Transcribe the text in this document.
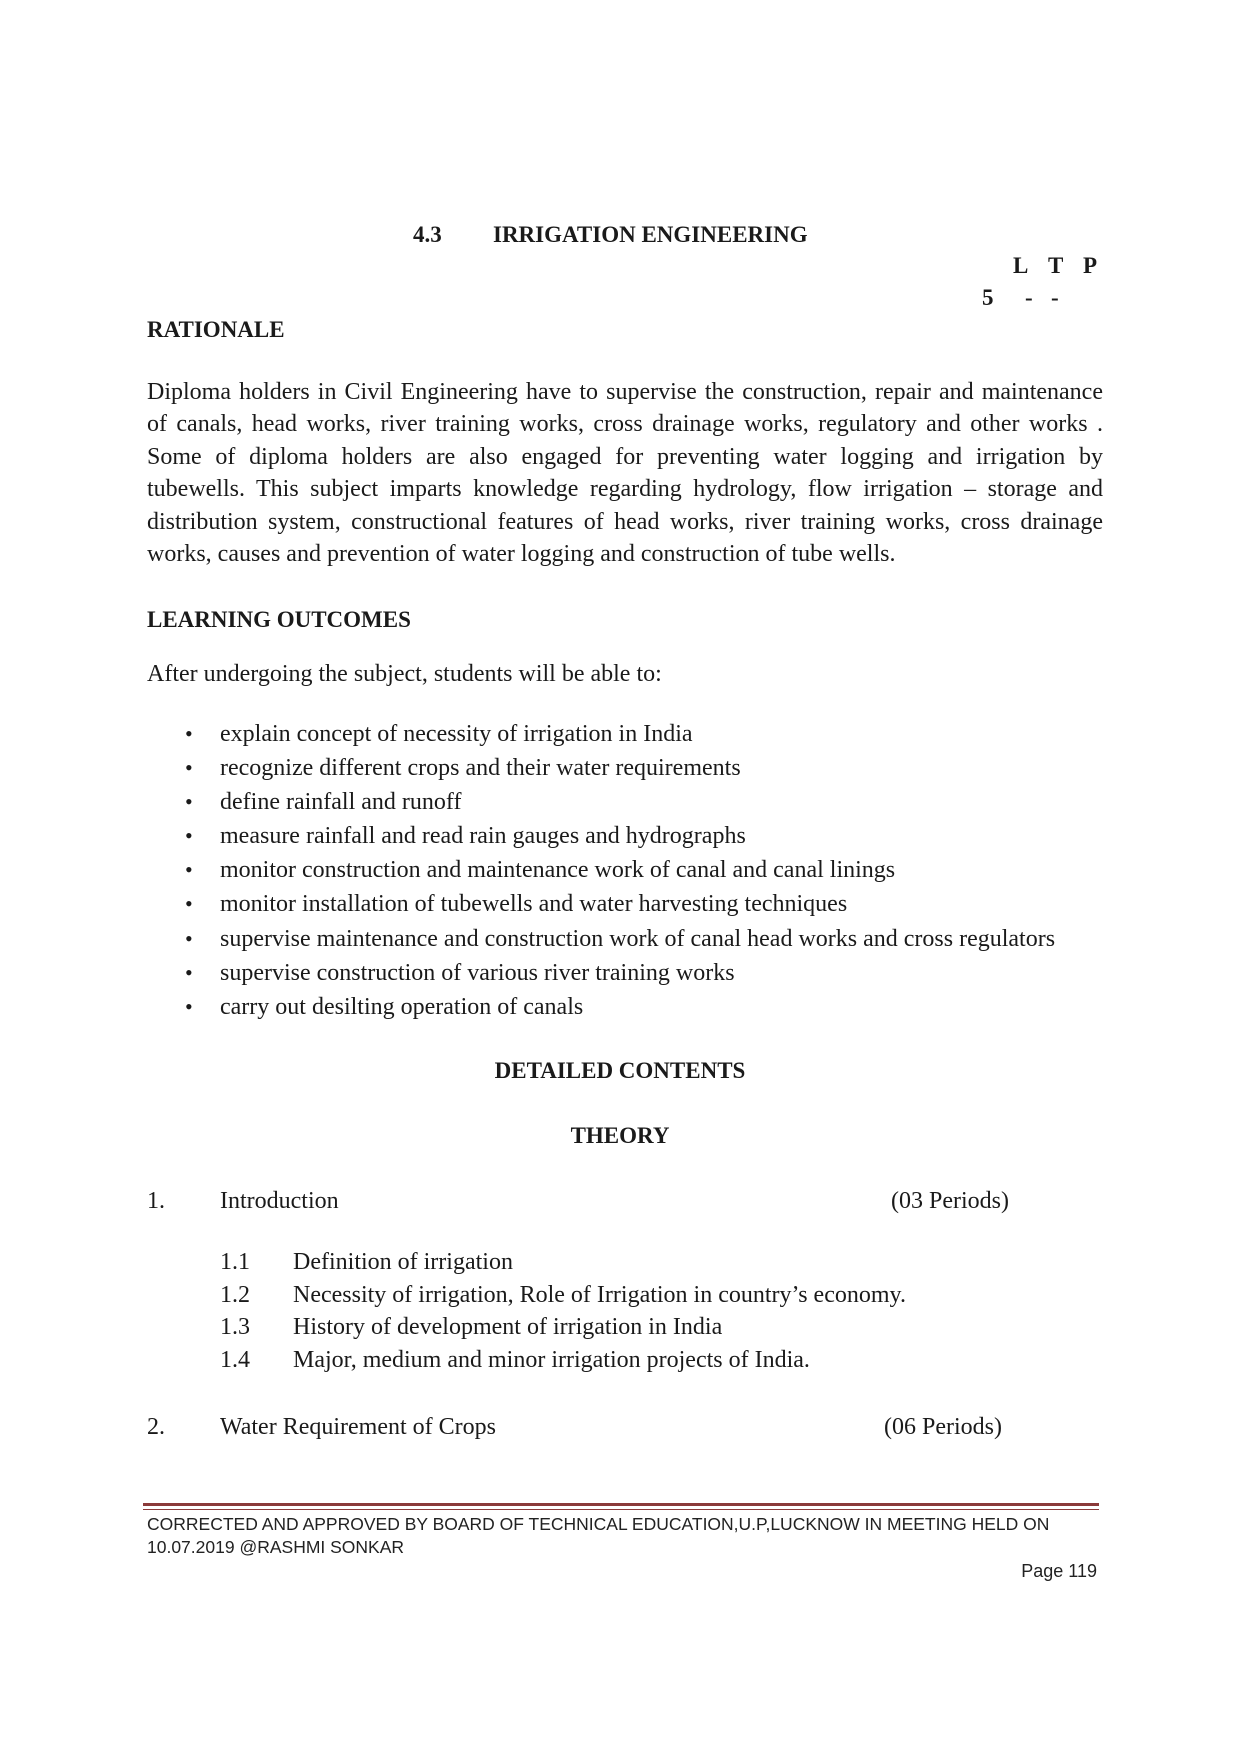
4.3 IRRIGATION ENGINEERING
L T P
5 - -
RATIONALE
Diploma holders in Civil Engineering have to supervise the construction, repair and maintenance of canals, head works, river training works, cross drainage works, regulatory and other works . Some of diploma holders are also engaged for preventing water logging and irrigation by tubewells. This subject imparts knowledge regarding hydrology, flow irrigation – storage and distribution system, constructional features of head works, river training works, cross drainage works, causes and prevention of water logging and construction of tube wells.
LEARNING OUTCOMES
After undergoing the subject, students will be able to:
• explain concept of necessity of irrigation in India
• recognize different crops and their water requirements
• define rainfall and runoff
• measure rainfall and read rain gauges and hydrographs
• monitor construction and maintenance work of canal and canal linings
• monitor installation of tubewells and water harvesting techniques
• supervise maintenance and construction work of canal head works and cross regulators
• supervise construction of various river training works
• carry out desilting operation of canals
DETAILED CONTENTS
THEORY
1. Introduction	(03 Periods)
1.1 Definition of irrigation
1.2 Necessity of irrigation, Role of Irrigation in country’s economy.
1.3 History of development of irrigation in India
1.4 Major, medium and minor irrigation projects of India.
2. Water Requirement of Crops	(06 Periods)
CORRECTED AND APPROVED BY BOARD OF TECHNICAL EDUCATION,U.P,LUCKNOW IN MEETING HELD ON
10.07.2019 @RASHMI SONKAR
Page 119
